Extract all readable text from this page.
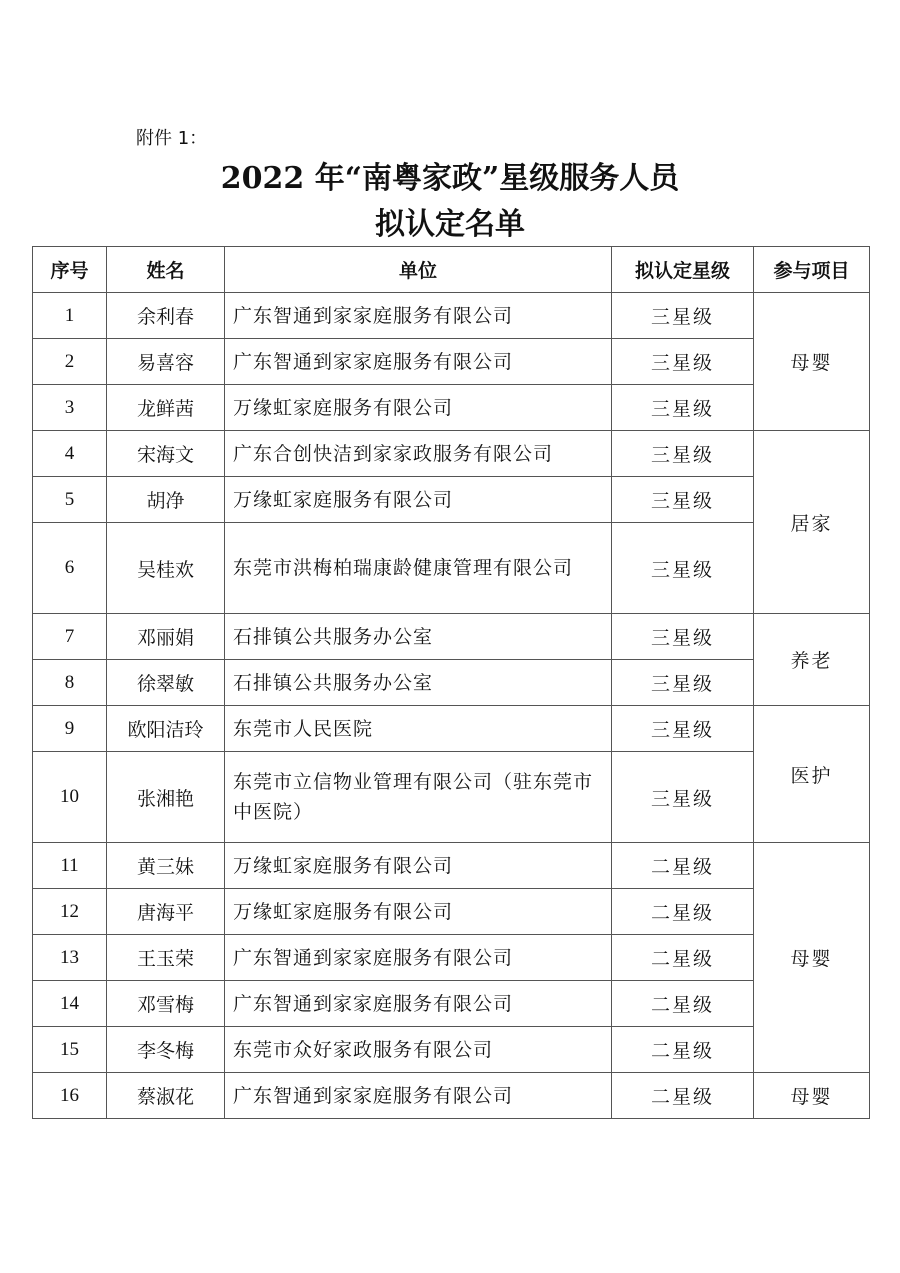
附件 1：
2022 年“南粤家政”星级服务人员
拟认定名单
序号	姓名	单位	拟认定星级	参与项目
1	余利春	广东智通到家家庭服务有限公司	三星级	母婴
2	易喜容	广东智通到家家庭服务有限公司	三星级	
3	龙鲜茜	万缘虹家庭服务有限公司	三星级	
4	宋海文	广东合创快洁到家家政服务有限公司	三星级	居家
5	胡净	万缘虹家庭服务有限公司	三星级	
6	吴桂欢	东莞市洪梅柏瑞康龄健康管理有限公司	三星级	
7	邓丽娟	石排镇公共服务办公室	三星级	养老
8	徐翠敏	石排镇公共服务办公室	三星级	
9	欧阳洁玲	东莞市人民医院	三星级	医护
10	张湘艳	东莞市立信物业管理有限公司（驻东莞市中医院）	三星级	
11	黄三妹	万缘虹家庭服务有限公司	二星级	母婴
12	唐海平	万缘虹家庭服务有限公司	二星级	
13	王玉荣	广东智通到家家庭服务有限公司	二星级	
14	邓雪梅	广东智通到家家庭服务有限公司	二星级	
15	李冬梅	东莞市众好家政服务有限公司	二星级	
16	蔡淑花	广东智通到家家庭服务有限公司	二星级	母婴
